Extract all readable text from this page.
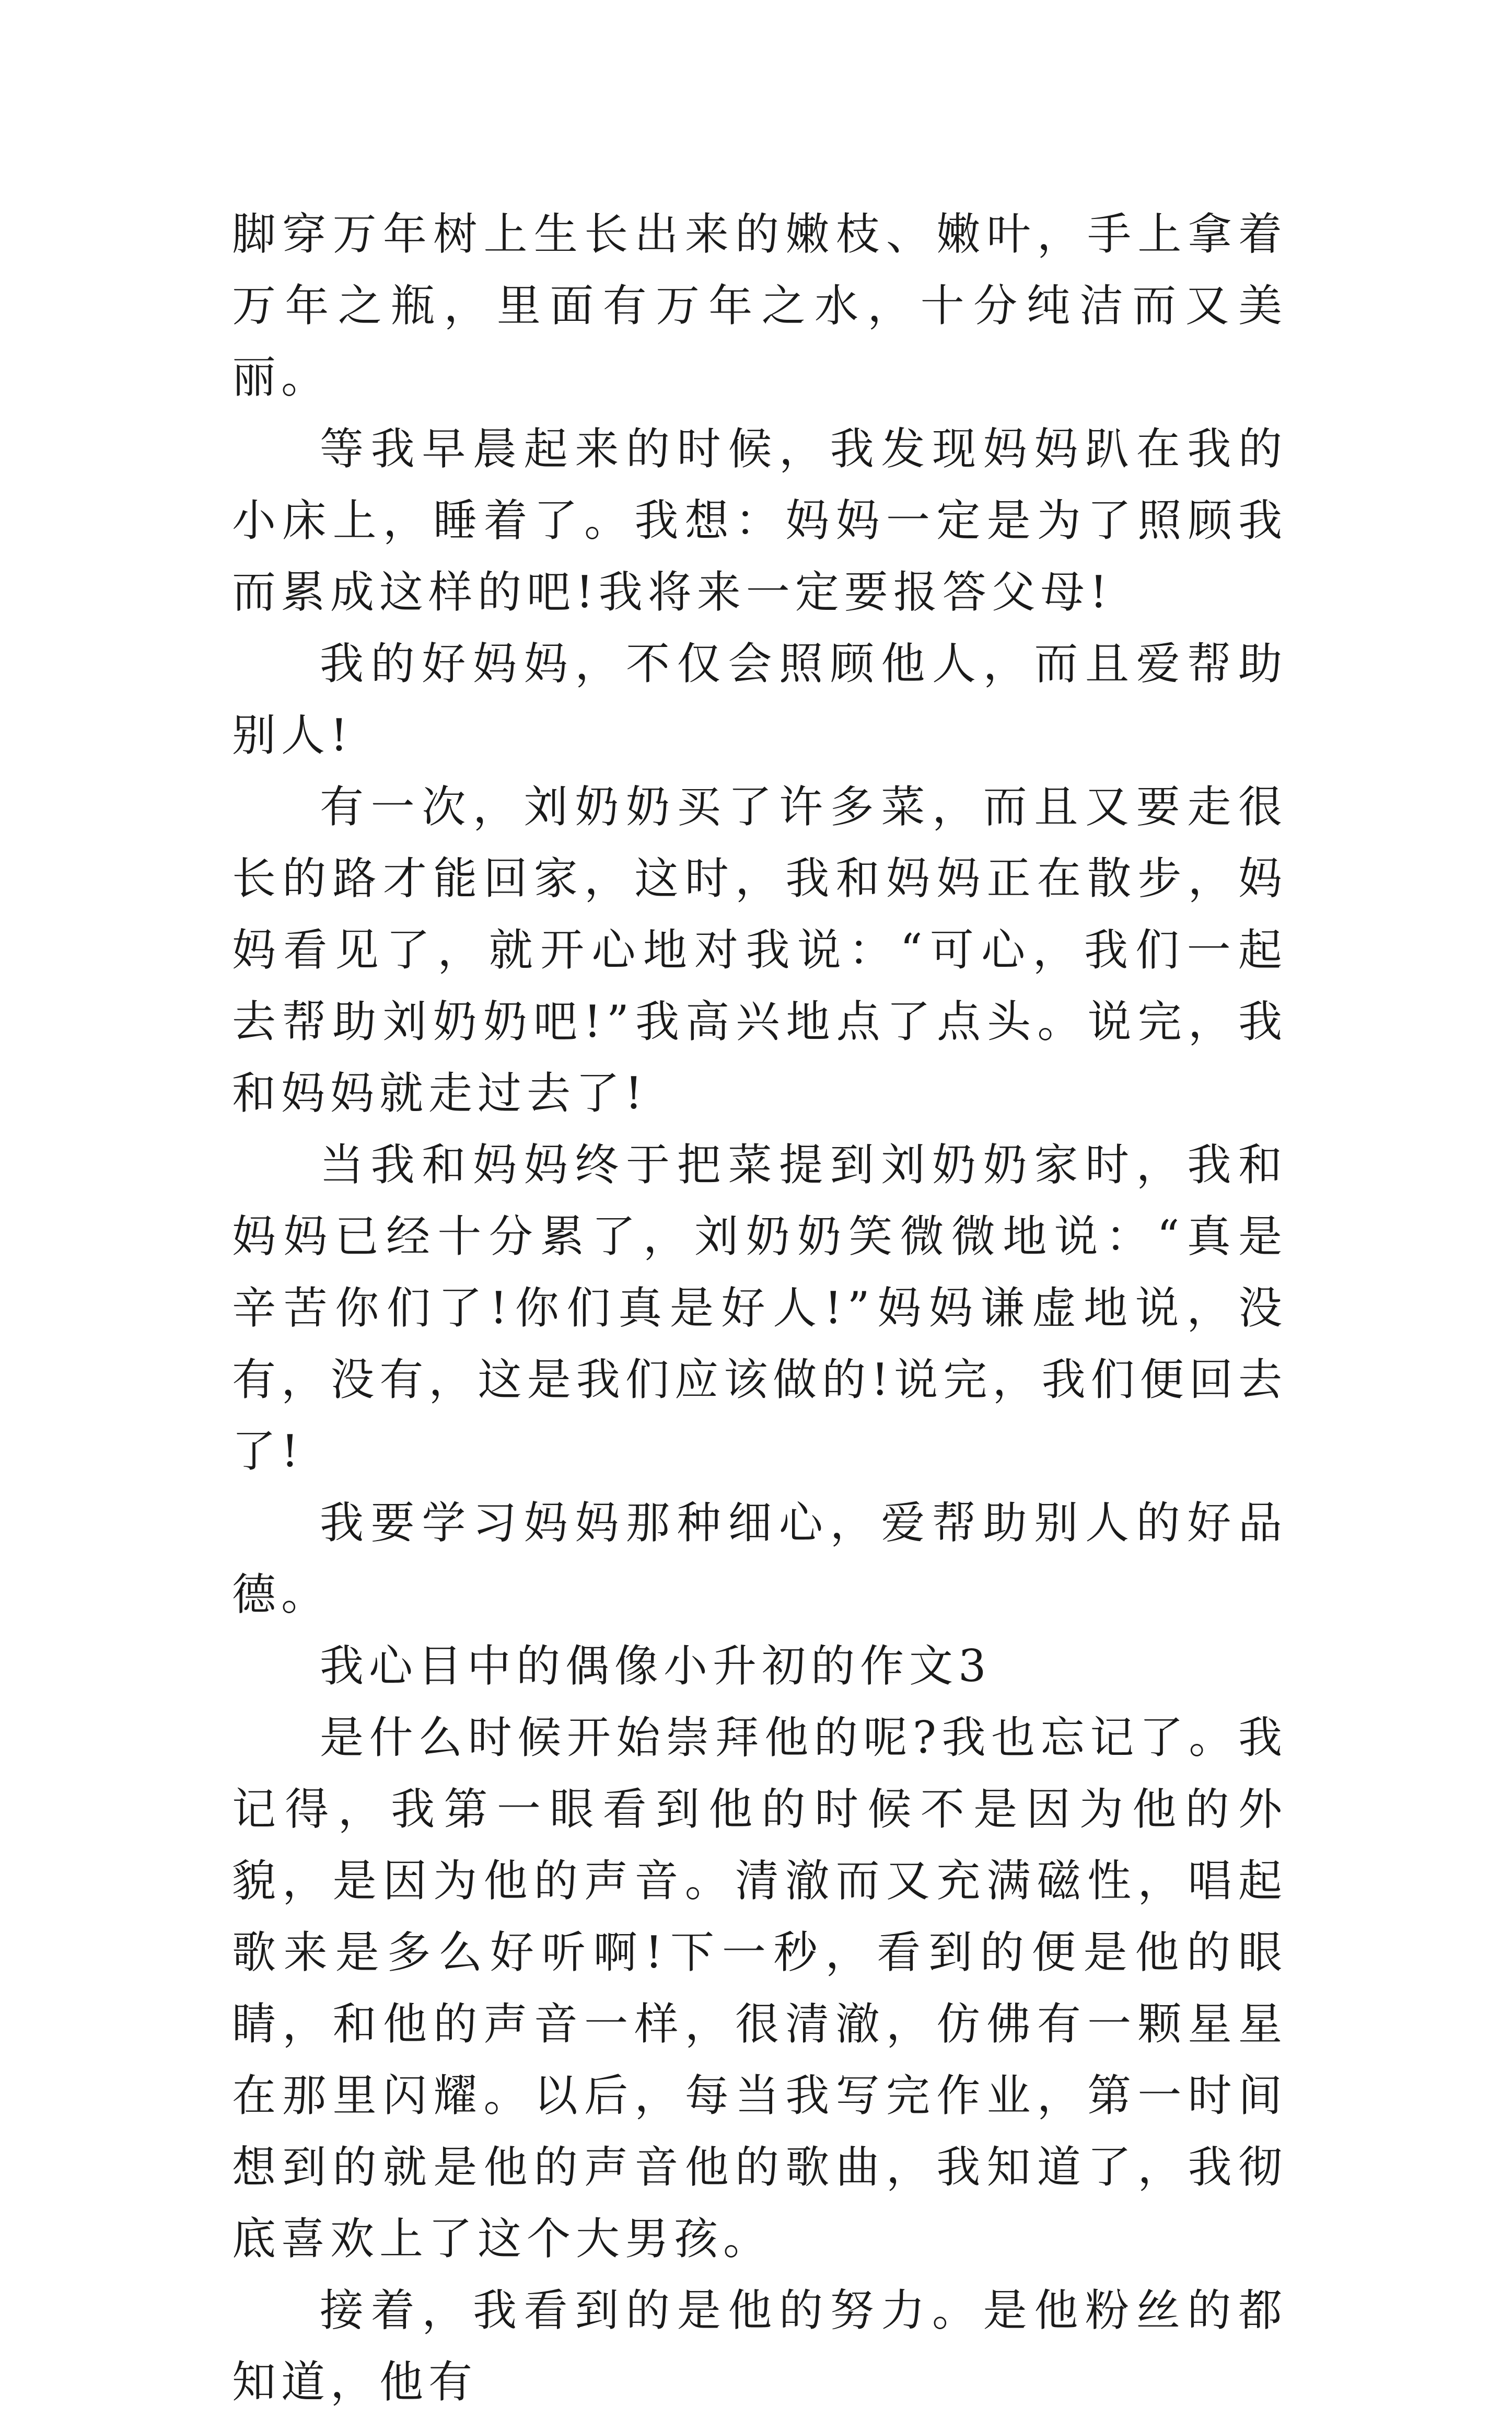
脚穿万年树上生长出来的嫩枝、嫩叶，手上拿着万年之瓶，里面有万年之水，十分纯洁而又美丽。

等我早晨起来的时候，我发现妈妈趴在我的小床上，睡着了。我想：妈妈一定是为了照顾我而累成这样的吧!我将来一定要报答父母!

我的好妈妈，不仅会照顾他人，而且爱帮助别人!

有一次，刘奶奶买了许多菜，而且又要走很长的路才能回家，这时，我和妈妈正在散步，妈妈看见了，就开心地对我说：“可心，我们一起去帮助刘奶奶吧!”我高兴地点了点头。说完，我和妈妈就走过去了!

当我和妈妈终于把菜提到刘奶奶家时，我和妈妈已经十分累了，刘奶奶笑微微地说：“真是辛苦你们了!你们真是好人!”妈妈谦虚地说，没有，没有，这是我们应该做的!说完，我们便回去了!

我要学习妈妈那种细心，爱帮助别人的好品德。

我心目中的偶像小升初的作文3

是什么时候开始崇拜他的呢?我也忘记了。我记得，我第一眼看到他的时候不是因为他的外貌，是因为他的声音。清澈而又充满磁性，唱起歌来是多么好听啊!下一秒，看到的便是他的眼睛，和他的声音一样，很清澈，仿佛有一颗星星在那里闪耀。以后，每当我写完作业，第一时间想到的就是他的声音他的歌曲，我知道了，我彻底喜欢上了这个大男孩。

接着，我看到的是他的努力。是他粉丝的都知道，他有
